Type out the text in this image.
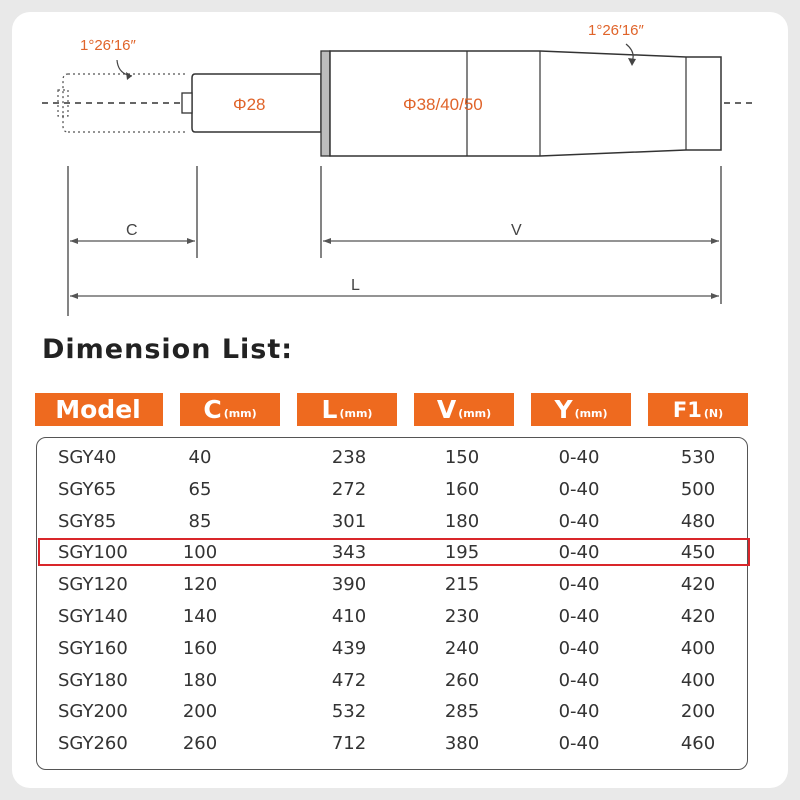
1°26′16″
1°26′16″
Φ28	Φ38/40/50
C	V
L
Dimension List:
Model	C (mm)	L (mm)	V (mm)	Y (mm)	F1 (N)
SGY40	40	238	150	0-40	530
SGY65	65	272	160	0-40	500
SGY85	85	301	180	0-40	480
SGY100	100	343	195	0-40	450
SGY120	120	390	215	0-40	420
SGY140	140	410	230	0-40	420
SGY160	160	439	240	0-40	400
SGY180	180	472	260	0-40	400
SGY200	200	532	285	0-40	200
SGY260	260	712	380	0-40	460
